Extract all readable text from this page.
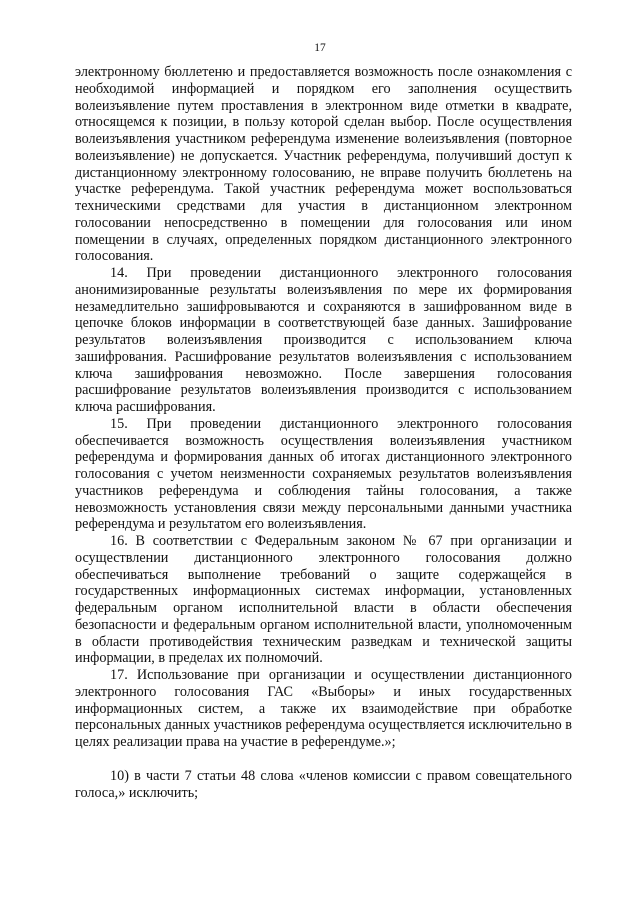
17

электронному бюллетеню и предоставляется возможность после ознакомления с необходимой информацией и порядком его заполнения осуществить волеизъявление путем проставления в электронном виде отметки в квадрате, относящемся к позиции, в пользу которой сделан выбор. После осуществления волеизъявления участником референдума изменение волеизъявления (повторное волеизъявление) не допускается. Участник референдума, получивший доступ к дистанционному электронному голосованию, не вправе получить бюллетень на участке референдума. Такой участник референдума может воспользоваться техническими средствами для участия в дистанционном электронном голосовании непосредственно в помещении для голосования или ином помещении в случаях, определенных порядком дистанционного электронного голосования.

14. При проведении дистанционного электронного голосования анонимизированные результаты волеизъявления по мере их формирования незамедлительно зашифровываются и сохраняются в зашифрованном виде в цепочке блоков информации в соответствующей базе данных. Зашифрование результатов волеизъявления производится с использованием ключа зашифрования. Расшифрование результатов волеизъявления с использованием ключа зашифрования невозможно. После завершения голосования расшифрование результатов волеизъявления производится с использованием ключа расшифрования.

15. При проведении дистанционного электронного голосования обеспечивается возможность осуществления волеизъявления участником референдума и формирования данных об итогах дистанционного электронного голосования с учетом неизменности сохраняемых результатов волеизъявления участников референдума и соблюдения тайны голосования, а также невозможность установления связи между персональными данными участника референдума и результатом его волеизъявления.

16. В соответствии с Федеральным законом № 67 при организации и осуществлении дистанционного электронного голосования должно обеспечиваться выполнение требований о защите содержащейся в государственных информационных системах информации, установленных федеральным органом исполнительной власти в области обеспечения безопасности и федеральным органом исполнительной власти, уполномоченным в области противодействия техническим разведкам и технической защиты информации, в пределах их полномочий.

17. Использование при организации и осуществлении дистанционного электронного голосования ГАС «Выборы» и иных государственных информационных систем, а также их взаимодействие при обработке персональных данных участников референдума осуществляется исключительно в целях реализации права на участие в референдуме.»;

10) в части 7 статьи 48 слова «членов комиссии с правом совещательного голоса,» исключить;
